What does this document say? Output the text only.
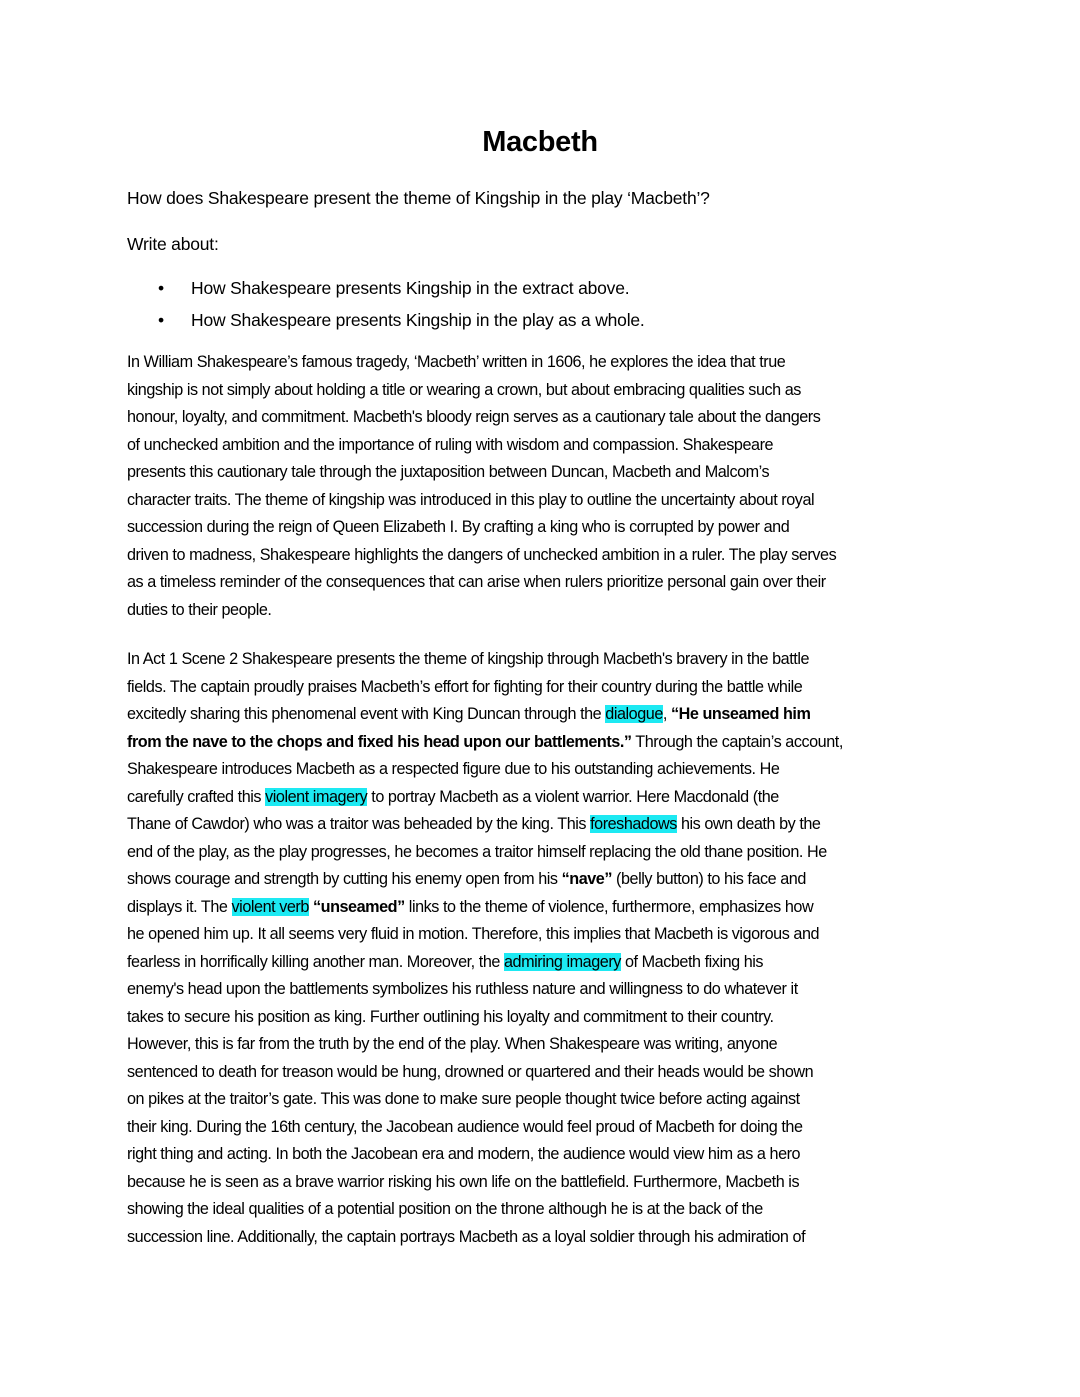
Macbeth
How does Shakespeare present the theme of Kingship in the play ‘Macbeth’?
Write about:
• How Shakespeare presents Kingship in the extract above.
• How Shakespeare presents Kingship in the play as a whole.
In William Shakespeare’s famous tragedy, ‘Macbeth’ written in 1606, he explores the idea that true
kingship is not simply about holding a title or wearing a crown, but about embracing qualities such as
honour, loyalty, and commitment. Macbeth's bloody reign serves as a cautionary tale about the dangers
of unchecked ambition and the importance of ruling with wisdom and compassion. Shakespeare
presents this cautionary tale through the juxtaposition between Duncan, Macbeth and Malcom’s
character traits. The theme of kingship was introduced in this play to outline the uncertainty about royal
succession during the reign of Queen Elizabeth I. By crafting a king who is corrupted by power and
driven to madness, Shakespeare highlights the dangers of unchecked ambition in a ruler. The play serves
as a timeless reminder of the consequences that can arise when rulers prioritize personal gain over their
duties to their people.
In Act 1 Scene 2 Shakespeare presents the theme of kingship through Macbeth's bravery in the battle
fields. The captain proudly praises Macbeth’s effort for fighting for their country during the battle while
excitedly sharing this phenomenal event with King Duncan through the dialogue, “He unseamed him
from the nave to the chops and fixed his head upon our battlements.” Through the captain’s account,
Shakespeare introduces Macbeth as a respected figure due to his outstanding achievements. He
carefully crafted this violent imagery to portray Macbeth as a violent warrior. Here Macdonald (the
Thane of Cawdor) who was a traitor was beheaded by the king. This foreshadows his own death by the
end of the play, as the play progresses, he becomes a traitor himself replacing the old thane position. He
shows courage and strength by cutting his enemy open from his “nave” (belly button) to his face and
displays it. The violent verb “unseamed” links to the theme of violence, furthermore, emphasizes how
he opened him up. It all seems very fluid in motion. Therefore, this implies that Macbeth is vigorous and
fearless in horrifically killing another man. Moreover, the admiring imagery of Macbeth fixing his
enemy's head upon the battlements symbolizes his ruthless nature and willingness to do whatever it
takes to secure his position as king. Further outlining his loyalty and commitment to their country.
However, this is far from the truth by the end of the play. When Shakespeare was writing, anyone
sentenced to death for treason would be hung, drowned or quartered and their heads would be shown
on pikes at the traitor’s gate. This was done to make sure people thought twice before acting against
their king. During the 16th century, the Jacobean audience would feel proud of Macbeth for doing the
right thing and acting. In both the Jacobean era and modern, the audience would view him as a hero
because he is seen as a brave warrior risking his own life on the battlefield. Furthermore, Macbeth is
showing the ideal qualities of a potential position on the throne although he is at the back of the
succession line. Additionally, the captain portrays Macbeth as a loyal soldier through his admiration of
